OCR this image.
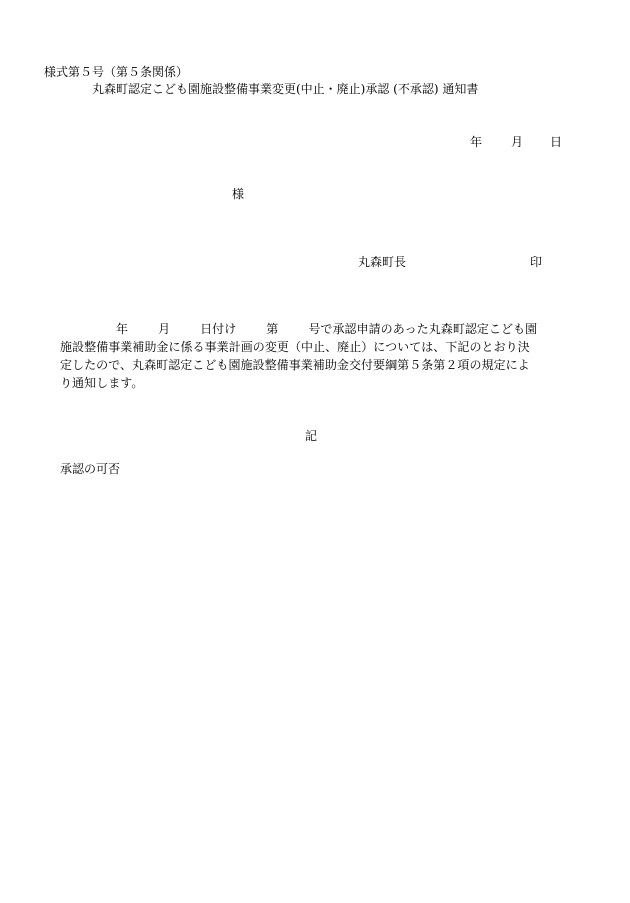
様式第５号（第５条関係）
丸森町認定こども園施設整備事業変更(中止・廃止)承認 (不承認) 通知書
年 月 日
様
丸森町長	印
年	月	日付け	第	号で承認申請のあった丸森町認定こども園
施設整備事業補助金に係る事業計画の変更（中止、廃止）については、下記のとおり決
定したので、丸森町認定こども園施設整備事業補助金交付要綱第５条第２項の規定によ
り通知します。
記
承認の可否
